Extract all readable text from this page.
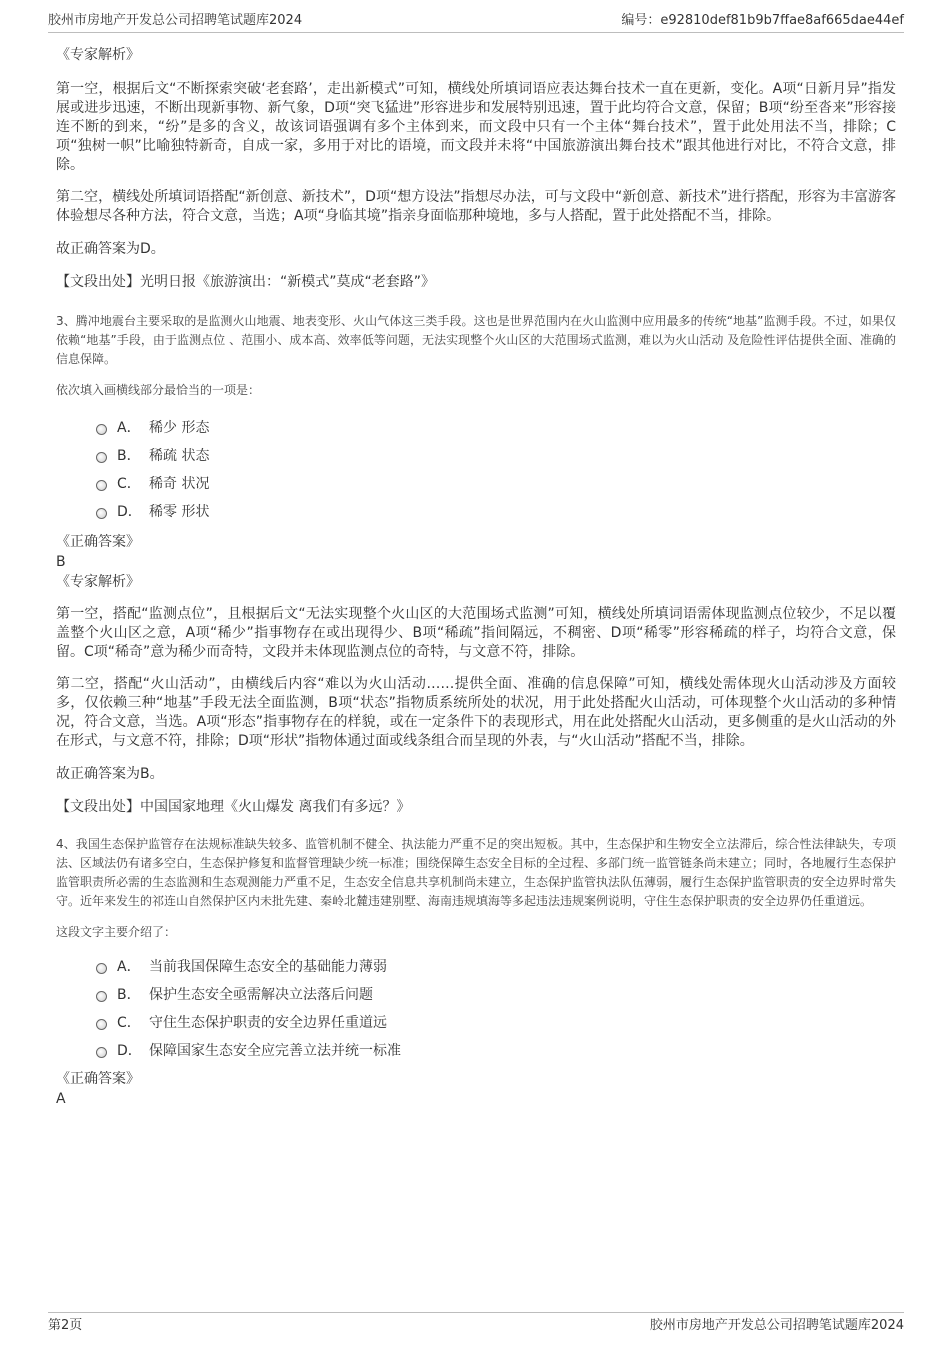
胶州市房地产开发总公司招聘笔试题库2024	编号：e92810def81b9b7ffae8af665dae44ef

《专家解析》

第一空，根据后文“不断探索突破‘老套路’，走出新模式”可知，横线处所填词语应表达舞台技术一直在更新，变化。A项“日新月异”指发展或进步迅速，不断出现新事物、新气象，D项“突飞猛进”形容进步和发展特别迅速，置于此均符合文意，保留；B项“纷至沓来”形容接连不断的到来，“纷”是多的含义，故该词语强调有多个主体到来，而文段中只有一个主体“舞台技术”，置于此处用法不当，排除；C项“独树一帜”比喻独特新奇，自成一家，多用于对比的语境，而文段并未将“中国旅游演出舞台技术”跟其他进行对比，不符合文意，排除。

第二空，横线处所填词语搭配“新创意、新技术”，D项“想方设法”指想尽办法，可与文段中“新创意、新技术”进行搭配，形容为丰富游客体验想尽各种方法，符合文意，当选；A项“身临其境”指亲身面临那种境地，多与人搭配，置于此处搭配不当，排除。

故正确答案为D。

【文段出处】光明日报《旅游演出：“新模式”莫成“老套路”》

3、腾冲地震台主要采取的是监测火山地震、地表变形、火山气体这三类手段。这也是世界范围内在火山监测中应用最多的传统“地基”监测手段。不过，如果仅依赖“地基”手段，由于监测点位 、范围小、成本高、效率低等问题，无法实现整个火山区的大范围场式监测，难以为火山活动 及危险性评估提供全面、准确的信息保障。

依次填入画横线部分最恰当的一项是：

A． 稀少 形态
B． 稀疏 状态
C． 稀奇 状况
D． 稀零 形状

《正确答案》

B

《专家解析》

第一空，搭配“监测点位”，且根据后文“无法实现整个火山区的大范围场式监测”可知，横线处所填词语需体现监测点位较少，不足以覆盖整个火山区之意，A项“稀少”指事物存在或出现得少、B项“稀疏”指间隔远，不稠密、D项“稀零”形容稀疏的样子，均符合文意，保留。C项“稀奇”意为稀少而奇特，文段并未体现监测点位的奇特，与文意不符，排除。

第二空，搭配“火山活动”，由横线后内容“难以为火山活动……提供全面、准确的信息保障”可知，横线处需体现火山活动涉及方面较多，仅依赖三种“地基”手段无法全面监测，B项“状态”指物质系统所处的状况，用于此处搭配火山活动，可体现整个火山活动的多种情况，符合文意，当选。A项“形态”指事物存在的样貌，或在一定条件下的表现形式，用在此处搭配火山活动，更多侧重的是火山活动的外在形式，与文意不符，排除；D项“形状”指物体通过面或线条组合而呈现的外表，与“火山活动”搭配不当，排除。

故正确答案为B。

【文段出处】中国国家地理《火山爆发 离我们有多远？》

4、我国生态保护监管存在法规标准缺失较多、监管机制不健全、执法能力严重不足的突出短板。其中，生态保护和生物安全立法滞后，综合性法律缺失，专项法、区域法仍有诸多空白，生态保护修复和监督管理缺少统一标准；围绕保障生态安全目标的全过程、多部门统一监管链条尚未建立；同时，各地履行生态保护监管职责所必需的生态监测和生态观测能力严重不足，生态安全信息共享机制尚未建立，生态保护监管执法队伍薄弱，履行生态保护监管职责的安全边界时常失守。近年来发生的祁连山自然保护区内未批先建、秦岭北麓违建别墅、海南违规填海等多起违法违规案例说明，守住生态保护职责的安全边界仍任重道远。

这段文字主要介绍了：

A． 当前我国保障生态安全的基础能力薄弱
B． 保护生态安全亟需解决立法落后问题
C． 守住生态保护职责的安全边界任重道远
D． 保障国家生态安全应完善立法并统一标准

《正确答案》

A

第2页	胶州市房地产开发总公司招聘笔试题库2024
